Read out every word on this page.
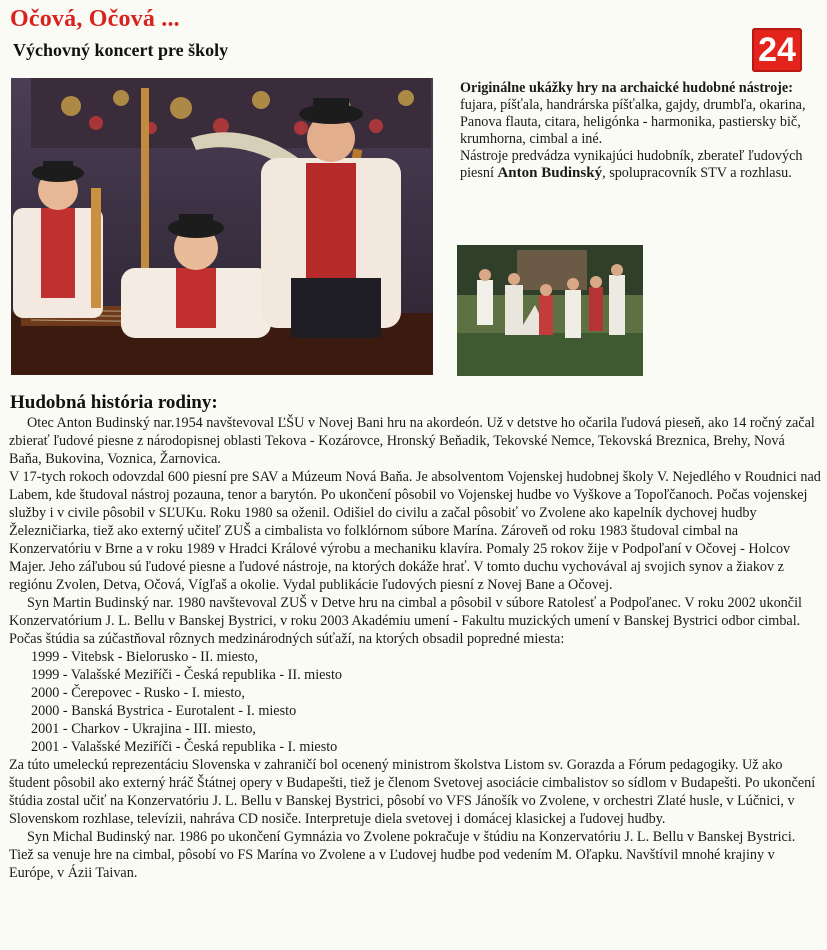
Očová, Očová ...
Výchovný koncert pre školy	24
Originálne ukážky hry na archaické hudobné nástroje:
fujara, píšťala, handrárska píšťalka, gajdy, drumbľa, okarina, Panova flauta, citara, heligónka - harmonika, pastiersky bič, krumhorna, cimbal a iné.
Nástroje predvádza vynikajúci hudobník, zberateľ ľudových piesní Anton Budinský, spolupracovník STV a rozhlasu.
Hudobná história rodiny:

Otec Anton Budinský nar.1954 navštevoval ĽŠU v Novej Bani hru na akordeón. Už v detstve ho očarila ľudová pieseň, ako 14 ročný začal zbierať ľudové piesne z národopisnej oblasti Tekova - Kozárovce, Hronský Beňadik, Tekovské Nemce, Tekovská Breznica, Brehy, Nová Baňa, Bukovina, Voznica, Žarnovica.

V 17-tych rokoch odovzdal 600 piesní pre SAV a Múzeum Nová Baňa. Je absolventom Vojenskej hudobnej školy V. Nejedlého v Roudnici nad Labem, kde študoval nástroj pozauna, tenor a barytón. Po ukončení pôsobil vo Vojenskej hudbe vo Vyškove a Topoľčanoch. Počas vojenskej služby i v civile pôsobil v SĽUKu. Roku 1980 sa oženil. Odišiel do civilu a začal pôsobiť vo Zvolene ako kapelník dychovej hudby Železničiarka, tiež ako externý učiteľ ZUŠ a cimbalista vo folklórnom súbore Marína. Zároveň od roku 1983 študoval cimbal na Konzervatóriu v Brne a v roku 1989 v Hradci Králové výrobu a mechaniku klavíra. Pomaly 25 rokov žije v Podpoľaní v Očovej - Holcov Majer. Jeho záľubou sú ľudové piesne a ľudové nástroje, na ktorých dokáže hrať. V tomto duchu vychovával aj svojich synov a žiakov z regiónu Zvolen, Detva, Očová, Vígľaš a okolie. Vydal publikácie ľudových piesní z Novej Bane a Očovej.

Syn Martin Budinský nar. 1980 navštevoval ZUŠ v Detve hru na cimbal a pôsobil v súbore Ratolesť a Podpoľanec. V roku 2002 ukončil Konzervatórium J. L. Bellu v Banskej Bystrici, v roku 2003 Akadémiu umení - Fakultu muzických umení v Banskej Bystrici odbor cimbal. Počas štúdia sa zúčastňoval rôznych medzinárodných súťaží, na ktorých obsadil popredné miesta:

1999 - Vitebsk - Bielorusko - II. miesto,
1999 - Valašské Meziříči - Česká republika - II. miesto
2000 - Čerepovec - Rusko - I. miesto,
2000 - Banská Bystrica - Eurotalent - I. miesto
2001 - Charkov - Ukrajina - III. miesto,
2001 - Valašské Meziříči - Česká republika - I. miesto

Za túto umeleckú reprezentáciu Slovenska v zahraničí bol ocenený ministrom školstva Listom sv. Gorazda a Fórum pedagogiky. Už ako študent pôsobil ako externý hráč Štátnej opery v Budapešti, tiež je členom Svetovej asociácie cimbalistov so sídlom v Budapešti. Po ukončení štúdia zostal učiť na Konzervatóriu J. L. Bellu v Banskej Bystrici, pôsobí vo VFS Jánošík vo Zvolene, v orchestri Zlaté husle, v Lúčnici, v Slovenskom rozhlase, televízii, nahráva CD nosiče. Interpretuje diela svetovej i domácej klasickej a ľudovej hudby.

Syn Michal Budinský nar. 1986 po ukončení Gymnázia vo Zvolene pokračuje v štúdiu na Konzervatóriu J. L. Bellu v Banskej Bystrici. Tiež sa venuje hre na cimbal, pôsobí vo FS Marína vo Zvolene a v Ľudovej hudbe pod vedením M. Oľapku. Navštívil mnohé krajiny v Európe, v Ázii Taivan.
